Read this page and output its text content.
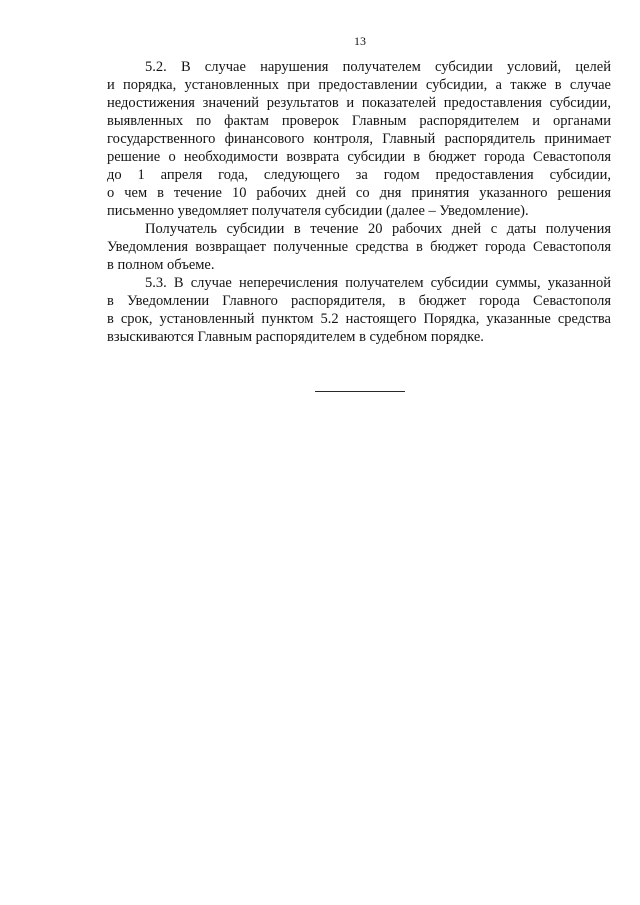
13
5.2. В случае нарушения получателем субсидии условий, целей
и порядка, установленных при предоставлении субсидии, а также в случае
недостижения значений результатов и показателей предоставления субсидии,
выявленных по фактам проверок Главным распорядителем и органами
государственного финансового контроля, Главный распорядитель принимает
решение о необходимости возврата субсидии в бюджет города Севастополя
до 1 апреля года, следующего за годом предоставления субсидии,
о чем в течение 10 рабочих дней со дня принятия указанного решения
письменно уведомляет получателя субсидии (далее – Уведомление).
Получатель субсидии в течение 20 рабочих дней с даты получения
Уведомления возвращает полученные средства в бюджет города Севастополя
в полном объеме.
5.3. В случае неперечисления получателем субсидии суммы, указанной
в Уведомлении Главного распорядителя, в бюджет города Севастополя
в срок, установленный пунктом 5.2 настоящего Порядка, указанные средства
взыскиваются Главным распорядителем в судебном порядке.
